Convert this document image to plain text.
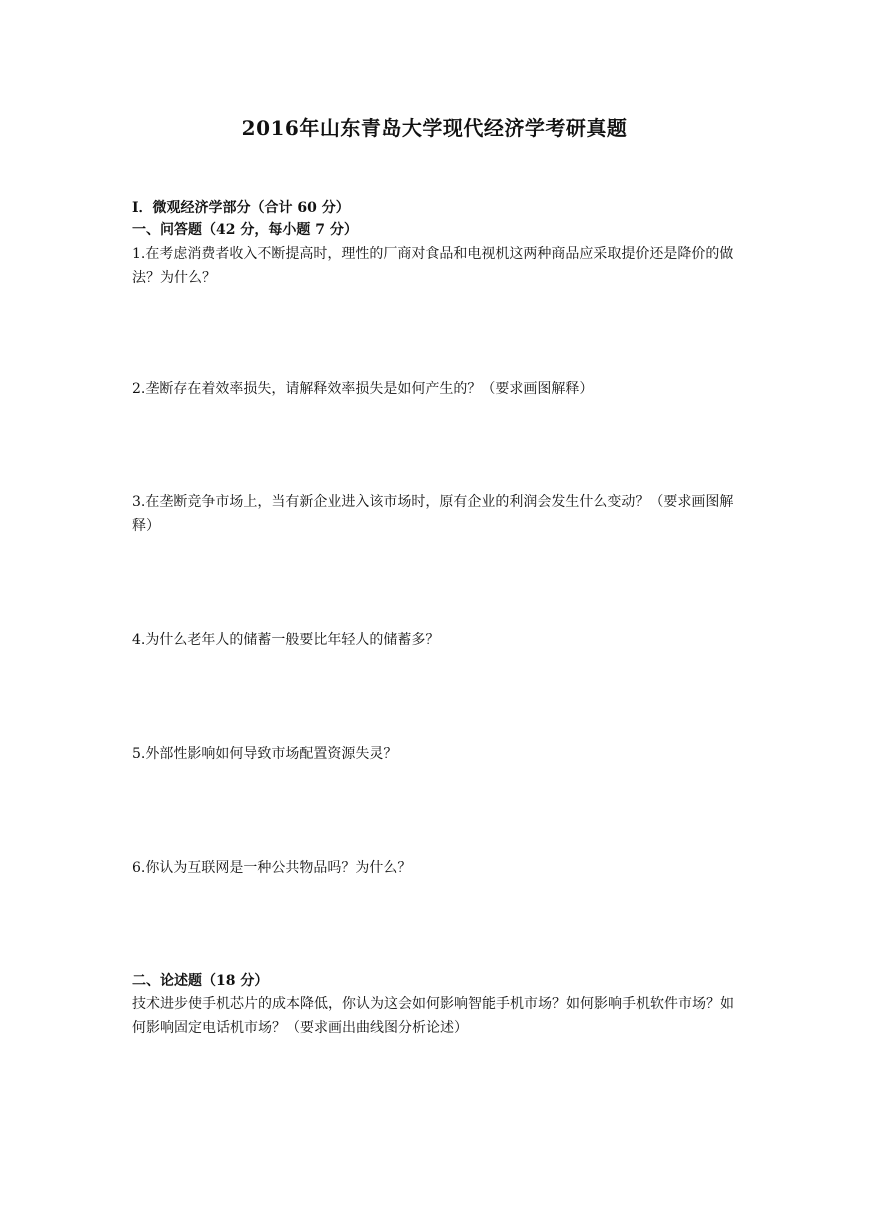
2016年山东青岛大学现代经济学考研真题
I．微观经济学部分（合计 60 分）
一、问答题（42 分，每小题 7 分）
1.在考虑消费者收入不断提高时，理性的厂商对食品和电视机这两种商品应采取提价还是降价的做法？为什么？
2.垄断存在着效率损失，请解释效率损失是如何产生的？（要求画图解释）
3.在垄断竞争市场上，当有新企业进入该市场时，原有企业的利润会发生什么变动？（要求画图解释）
4.为什么老年人的储蓄一般要比年轻人的储蓄多？
5.外部性影响如何导致市场配置资源失灵？
6.你认为互联网是一种公共物品吗？为什么？
二、论述题（18 分）
技术进步使手机芯片的成本降低，你认为这会如何影响智能手机市场？如何影响手机软件市场？如何影响固定电话机市场？（要求画出曲线图分析论述）
